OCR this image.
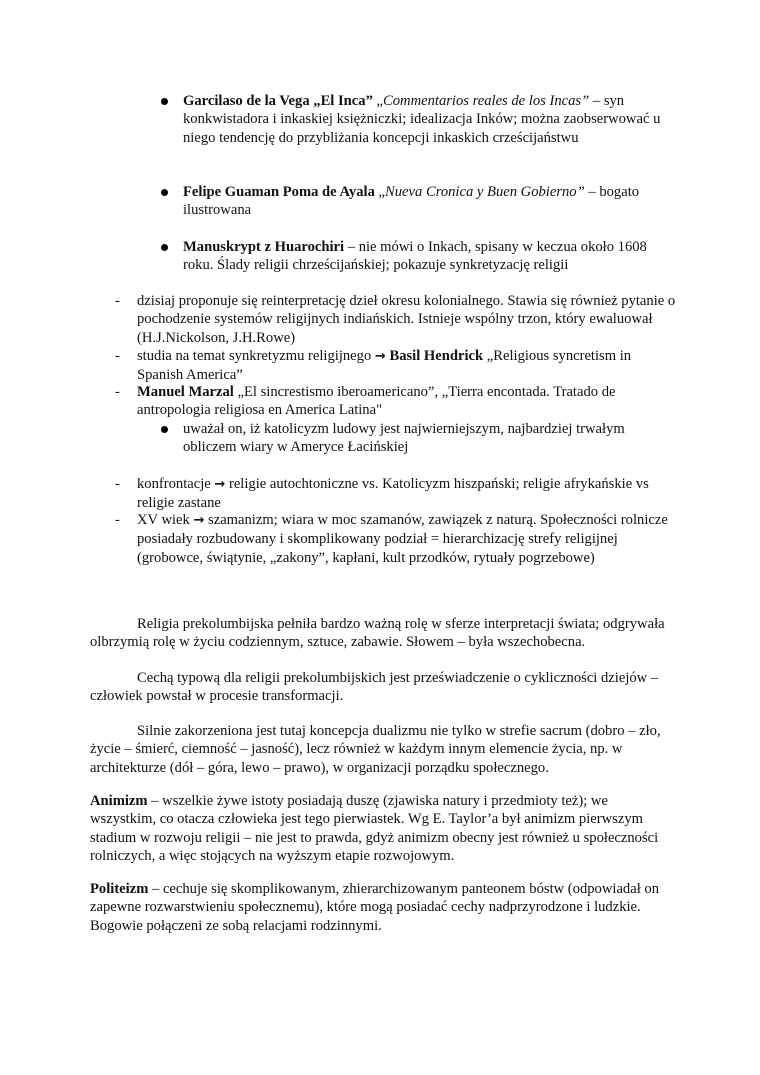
Garcilaso de la Vega „El Inca” „Commentarios reales de los Incas” – syn konkwistadora i inkaskiej księżniczki; idealizacja Inków; można zaobserwować u niego tendencję do przybliżania koncepcji inkaskich crześcijaństwu
Felipe Guaman Poma de Ayala „Nueva Cronica y Buen Gobierno” – bogato ilustrowana
Manuskrypt z Huarochiri – nie mówi o Inkach, spisany w keczua około 1608 roku. Ślady religii chrześcijańskiej; pokazuje synkretyzację religii
- dzisiaj proponuje się reinterpretację dzieł okresu kolonialnego. Stawia się również pytanie o pochodzenie systemów religijnych indiańskich. Istnieje wspólny trzon, który ewaluował (H.J.Nickolson, J.H.Rowe)
- studia na temat synkretyzmu religijnego → Basil Hendrick „Religious syncretism in Spanish America”
- Manuel Marzal „El sincrestismo iberoamericano”, „Tierra encontada. Tratado de antropologia religiosa en America Latina"
uważał on, iż katolicyzm ludowy jest najwierniejszym, najbardziej trwałym obliczem wiary w Ameryce Łacińskiej
- konfrontacje → religie autochtoniczne vs. Katolicyzm hiszpański; religie afrykańskie vs religie zastane
- XV wiek → szamanizm; wiara w moc szamanów, zawiązek z naturą. Społeczności rolnicze posiadały rozbudowany i skomplikowany podział = hierarchizację strefy religijnej (grobowce, świątynie, „zakony”, kapłani, kult przodków, rytuały pogrzebowe)

Religia prekolumbijska pełniła bardzo ważną rolę w sferze interpretacji świata; odgrywała olbrzymią rolę w życiu codziennym, sztuce, zabawie. Słowem – była wszechobecna.

Cechą typową dla religii prekolumbijskich jest przeświadczenie o cykliczności dziejów – człowiek powstał w procesie transformacji.

Silnie zakorzeniona jest tutaj koncepcja dualizmu nie tylko w strefie sacrum (dobro – zło, życie – śmierć, ciemność – jasność), lecz również w każdym innym elemencie życia, np. w architekturze (dół – góra, lewo – prawo), w organizacji porządku społecznego.

Animizm – wszelkie żywe istoty posiadają duszę (zjawiska natury i przedmioty też); we wszystkim, co otacza człowieka jest tego pierwiastek. Wg E. Taylor’a był animizm pierwszym stadium w rozwoju religii – nie jest to prawda, gdyż animizm obecny jest również u społeczności rolniczych, a więc stojących na wyższym etapie rozwojowym.

Politeizm – cechuje się skomplikowanym, zhierarchizowanym panteonem bóstw (odpowiadał on zapewne rozwarstwieniu społecznemu), które mogą posiadać cechy nadprzyrodzone i ludzkie. Bogowie połączeni ze sobą relacjami rodzinnymi.
